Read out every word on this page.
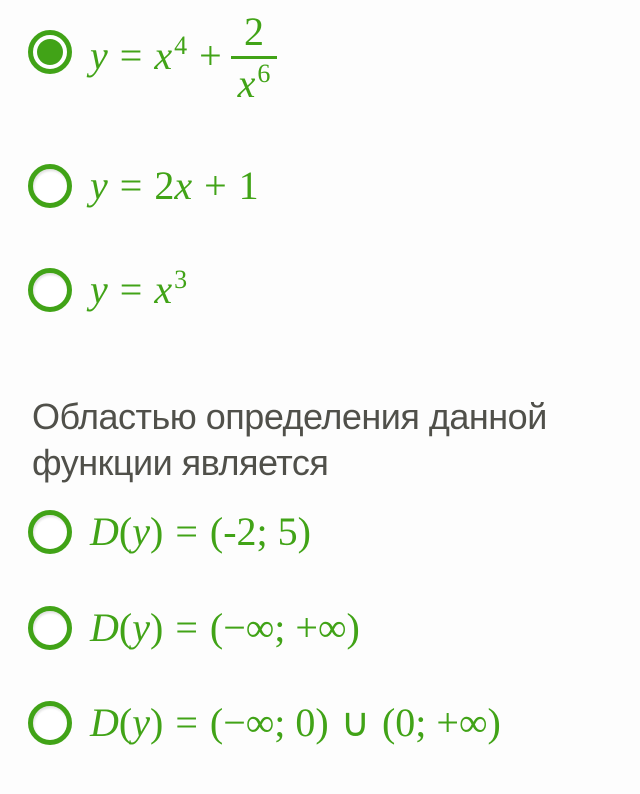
$y = x4 + \frac{2}{x6}$
y = 2x + 1
y = x3

Областью определения данной функции является

D(y) = (-2; 5)
D(y) = (−∞; +∞)
D(y) = (−∞; 0) ∪ (0; +∞)
